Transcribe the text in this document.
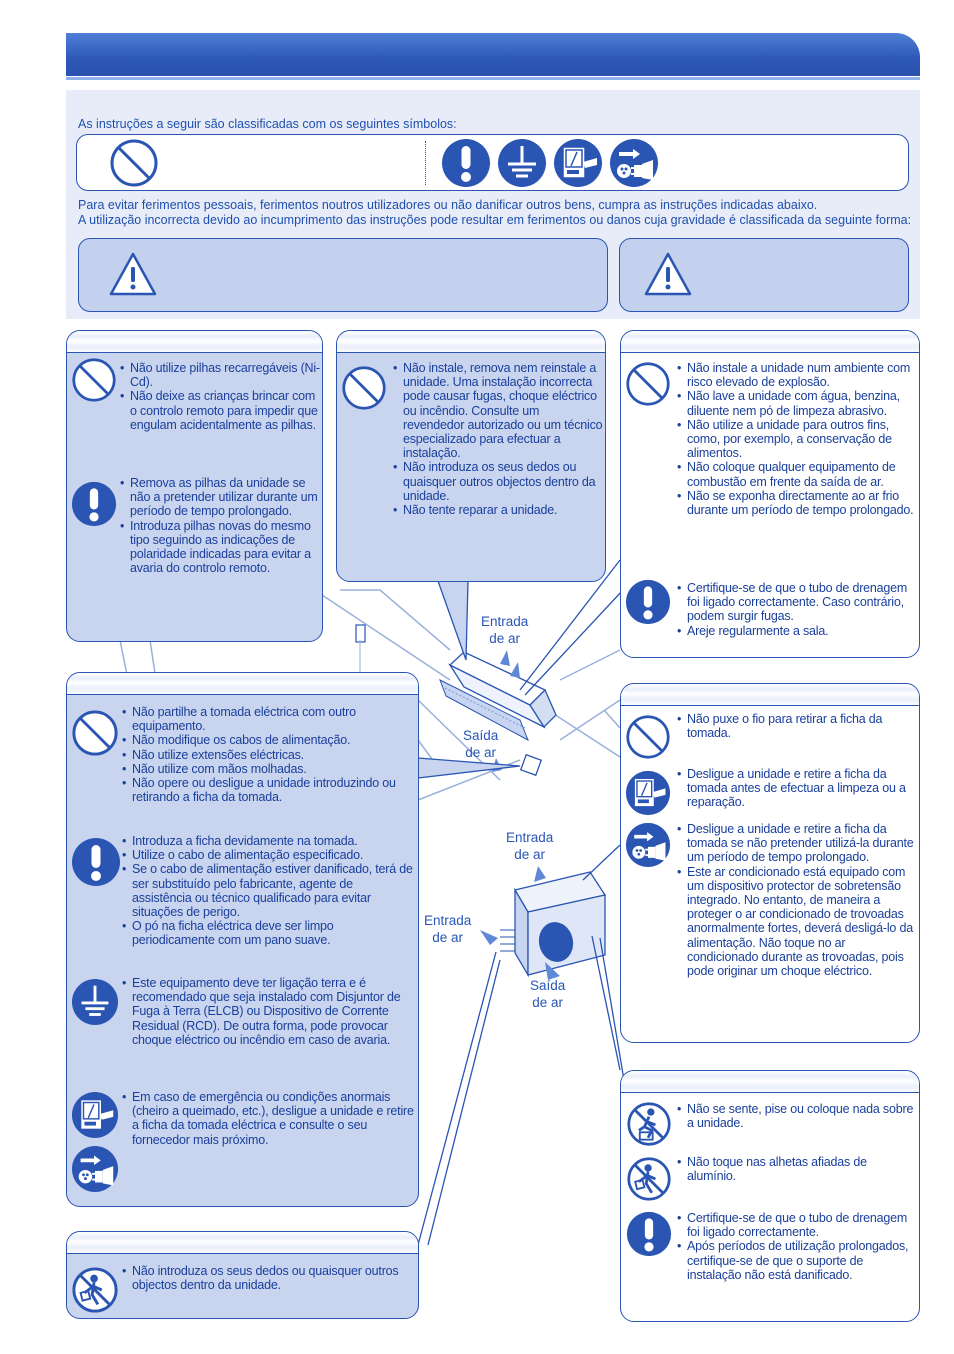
As instruções a seguir são classificadas com os seguintes símbolos:
Para evitar ferimentos pessoais, ferimentos noutros utilizadores ou não danificar outros bens, cumpra as instruções indicadas abaixo.
A utilização incorrecta devido ao incumprimento das instruções pode resultar em ferimentos ou danos cuja gravidade é classificada da seguinte forma:
Entrada
de ar
Saída
de ar
Entrada
de ar
Entrada
de ar
Saída
de ar
• Não utilize pilhas recarregáveis (Ni-Cd).
• Não deixe as crianças brincar com o controlo remoto para impedir que engulam acidentalmente as pilhas.
• Remova as pilhas da unidade se não a pretender utilizar durante um período de tempo prolongado.
• Introduza pilhas novas do mesmo tipo seguindo as indicações de polaridade indicadas para evitar a avaria do controlo remoto.
• Não instale, remova nem reinstale a unidade. Uma instalação incorrecta pode causar fugas, choque eléctrico ou incêndio. Consulte um revendedor autorizado ou um técnico especializado para efectuar a instalação.
• Não introduza os seus dedos ou quaisquer outros objectos dentro da unidade.
• Não tente reparar a unidade.
• Não instale a unidade num ambiente com risco elevado de explosão.
• Não lave a unidade com água, benzina, diluente nem pó de limpeza abrasivo.
• Não utilize a unidade para outros fins, como, por exemplo, a conservação de alimentos.
• Não coloque qualquer equipamento de combustão em frente da saída de ar.
• Não se exponha directamente ao ar frio durante um período de tempo prolongado.
• Certifique-se de que o tubo de drenagem foi ligado correctamente. Caso contrário, podem surgir fugas.
• Areje regularmente a sala.
• Não partilhe a tomada eléctrica com outro equipamento.
• Não modifique os cabos de alimentação.
• Não utilize extensões eléctricas.
• Não utilize com mãos molhadas.
• Não opere ou desligue a unidade introduzindo ou retirando a ficha da tomada.
• Introduza a ficha devidamente na tomada.
• Utilize o cabo de alimentação especificado.
• Se o cabo de alimentação estiver danificado, terá de ser substituído pelo fabricante, agente de assistência ou técnico qualificado para evitar situações de perigo.
• O pó na ficha eléctrica deve ser limpo periodicamente com um pano suave.
• Este equipamento deve ter ligação terra e é recomendado que seja instalado com Disjuntor de Fuga à Terra (ELCB) ou Dispositivo de Corrente Residual (RCD). De outra forma, pode provocar choque eléctrico ou incêndio em caso de avaria.
• Em caso de emergência ou condições anormais (cheiro a queimado, etc.), desligue a unidade e retire a ficha da tomada eléctrica e consulte o seu fornecedor mais próximo.
• Não introduza os seus dedos ou quaisquer outros objectos dentro da unidade.
• Não puxe o fio para retirar a ficha da tomada.
• Desligue a unidade e retire a ficha da tomada antes de efectuar a limpeza ou a reparação.
• Desligue a unidade e retire a ficha da tomada se não pretender utilizá-la durante um período de tempo prolongado.
• Este ar condicionado está equipado com um dispositivo protector de sobretensão integrado. No entanto, de maneira a proteger o ar condicionado de trovoadas anormalmente fortes, deverá desligá-lo da alimentação. Não toque no ar condicionado durante as trovoadas, pois pode originar um choque eléctrico.
• Não se sente, pise ou coloque nada sobre a unidade.
• Não toque nas alhetas afiadas de alumínio.
• Certifique-se de que o tubo de drenagem foi ligado correctamente.
• Após períodos de utilização prolongados, certifique-se de que o suporte de instalação não está danificado.
